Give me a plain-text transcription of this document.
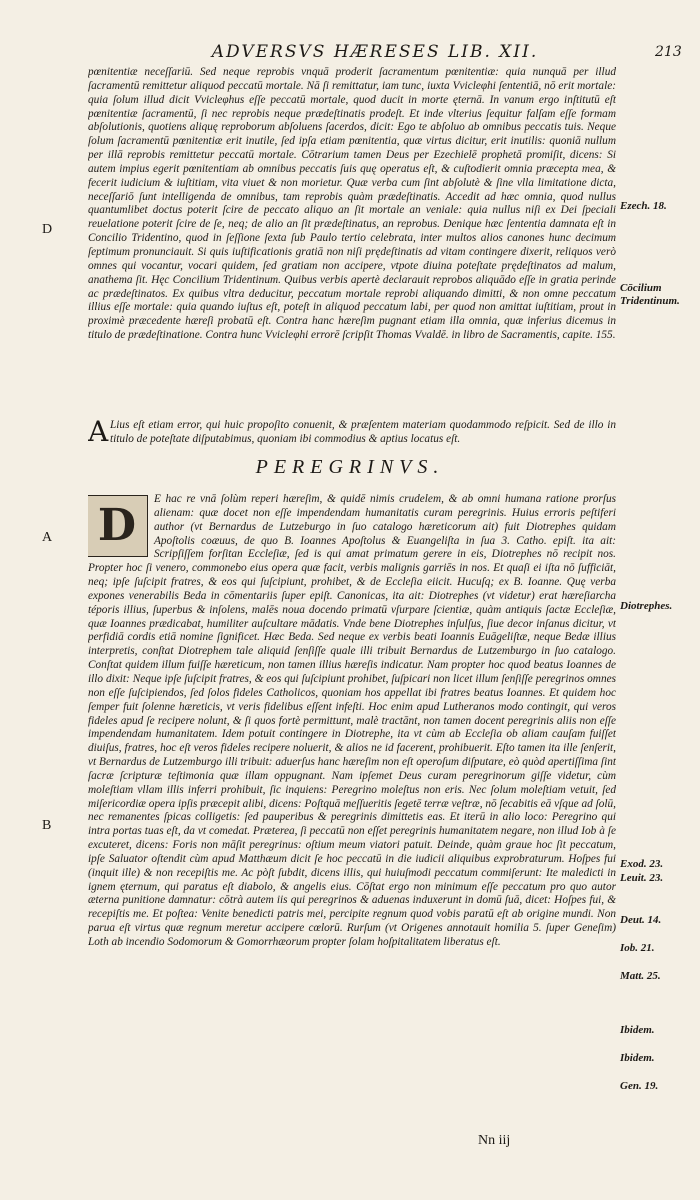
ADVERSVS HÆRESES LIB. XII.	213

pœnitentiæ neceſſariū. Sed neque reprobis vnquā proderit ſacramentum pœnitentiæ: quia nunquā per illud ſacramentū remittetur aliquod peccatū mortale. Nā ſi remittatur, iam tunc, iuxta Vvicleφhi ſententiā, nō erit mortale: quia ſolum illud dicit Vvicleφhus eſſe peccatū mortale, quod ducit in morte ęternā. In vanum ergo inſtitutū eſt pœnitentiæ ſacramentū, ſi nec reprobis neque prædeſtinatis prodeſt. Et inde vlterius ſequitur falſam eſſe formam abſolutionis, quotiens aliquę reproborum abſoluens ſacerdos, dicit: Ego te abſoluo ab omnibus peccatis tuis. Neque ſolum ſacramentū pœnitentiæ erit inutile, ſed ipſa etiam pœnitentia, quæ virtus dicitur, erit inutilis: quoniā nullum per illā reprobis remittetur peccatū mortale. Cōtrarium tamen Deus per Ezechielē prophetā promiſit, dicens: Si autem impius egerit pœnitentiam ab omnibus peccatis ſuis quę operatus eſt, & cuſtodierit omnia præcepta mea, & fecerit iudicium & iuſtitiam, vita viuet & non morietur. Quæ verba cum ſint abſolutè & ſine vlla limitatione dicta, neceſſariō ſunt intelligenda de omnibus, tam reprobis quàm prædeſtinatis. Accedit ad hæc omnia, quod nullus quantumlibet doctus poterit ſcire de peccato aliquo an ſit mortale an veniale: quia nullus niſi ex Dei ſpeciali reuelatione poterit ſcire de ſe, neq; de alio an ſit prædeſtinatus, an reprobus. Denique hæc ſententia damnata eſt in Concilio Tridentino, quod in ſeſſione ſexta ſub Paulo tertio celebrata, inter multos alios canones hunc decimum ſeptimum pronunciauit. Si quis iuſtificationis gratiā non niſi prędeſtinatis ad vitam contingere dixerit, reliquos verò omnes qui vocantur, vocari quidem, ſed gratiam non accipere, vtpote diuina poteſtate prędeſtinatos ad malum, anathema ſit. Hęc Concilium Tridentinum. Quibus verbis apertè declarauit reprobos aliquādo eſſe in gratia perinde ac prædeſtinatos. Ex quibus vltra deducitur, peccatum mortale reprobi aliquando dimitti, & non omne peccatum illius eſſe mortale: quia quando iuſtus eſt, poteſt in aliquod peccatum labi, per quod non amittat iuſtitiam, prout in proximè præcedente hæreſi probatū eſt. Contra hanc hæreſim pugnant etiam illa omnia, quæ inferius dicemus in titulo de prædeſtinatione. Contra hunc Vvicleφhi errorē ſcripſit Thomas Vvaldē. in libro de Sacramentis, capite. 155.

A Lius eſt etiam error, qui huic propoſito conuenit, & præſentem materiam quodammodo reſpicit. Sed de illo in titulo de poteſtate diſputabimus, quoniam ibi commodius & aptius locatus eſt.

PEREGRINVS.
D

E hac re vnā ſolùm reperi hæreſim, & quidē nimis crudelem, & ab omni humana ratione prorſus alienam: quæ docet non eſſe impendendam humanitatis curam peregrinis. Huius erroris peſtiferi author (vt Bernardus de Lutzeburgo in ſuo catalogo hæreticorum ait) fuit Diotrephes quidam Apoſtolis coæuus, de quo B. Ioannes Apoſtolus & Euangeliſta in ſua 3. Catho. epiſt. ita ait: Scripſiſſem forſitan Eccleſiæ, ſed is qui amat primatum gerere in eis, Diotrephes nō recipit nos. Propter hoc ſi venero, commonebo eius opera quæ facit, verbis malignis garriēs in nos. Et quaſi ei iſta nō ſufficiāt, neq; ipſe ſuſcipit fratres, & eos qui ſuſcipiunt, prohibet, & de Eccleſia eiicit. Hucuſq; ex B. Ioanne. Quę verba expones venerabilis Beda in cōmentariis ſuper epiſt. Canonicas, ita ait: Diotrephes (vt videtur) erat hæreſiarcha téporis illius, ſuperbus & inſolens, malēs noua docendo primatū vſurpare ſcientiæ, quàm antiquis ſactæ Eccleſiæ, quæ Ioannes prædicabat, humiliter auſcultare mādatis. Vnde bene Diotrephes inſulſus, ſiue decor inſanus dicitur, vt perfidiā cordis etiā nomine ſignificet. Hæc Beda. Sed neque ex verbis beati Ioannis Euāgeliſtæ, neque Bedæ illius interpretis, conſtat Diotrephem tale aliquid ſenſiſſe quale illi tribuit Bernardus de Lutzemburgo in ſuo catalogo. Conſtat quidem illum fuiſſe hæreticum, non tamen illius hæreſis indicatur. Nam propter hoc quod beatus Ioannes de illo dixit: Neque ipſe ſuſcipit fratres, & eos qui ſuſcipiunt prohibet, ſuſpicari non licet illum ſenſiſſe peregrinos omnes non eſſe ſuſcipiendos, ſed ſolos fideles Catholicos, quoniam hos appellat ibi fratres beatus Ioannes. Et quidem hoc ſemper fuit ſolenne hæreticis, vt veris fidelibus eſſent infeſti. Hoc enim apud Lutheranos modo contingit, qui veros fideles apud ſe recipere nolunt, & ſi quos fortè permittunt, malè tractānt, non tamen docent peregrinis aliis non eſſe impendendam humanitatem. Idem potuit contingere in Diotrephe, ita vt cùm ab Eccleſia ob aliam cauſam fuiſſet diuiſus, fratres, hoc eſt veros fideles recipere noluerit, & alios ne id facerent, prohibuerit. Eſto tamen ita ille ſenſerit, vt Bernardus de Lutzemburgo illi tribuit: aduerſus hanc hæreſim non eſt operoſum diſputare, eò quòd apertiſſima ſint ſacræ ſcripturæ teſtimonia quæ illam oppugnant. Nam ipſemet Deus curam peregrinorum giſſe videtur, cùm moleſtiam vllam illis inferri prohibuit, ſic inquiens: Peregrino moleſtus non eris. Nec ſolum moleſtiam vetuit, ſed miſericordiæ opera ipſis præcepit alibi, dicens: Poſtquā meſſueritis ſegetē terræ veſtræ, nō ſecabitis eā vſque ad ſolū, nec remanentes ſpicas colligetis: ſed pauperibus & peregrinis dimittetis eas. Et iterū in alio loco: Peregrino qui intra portas tuas eſt, da vt comedat. Præterea, ſi peccatū non eſſet peregrinis humanitatem negare, non illud Iob à ſe excuteret, dicens: Foris non māſit peregrinus: oſtium meum viatori patuit. Deinde, quàm graue hoc ſit peccatum, ipſe Saluator oſtendit cùm apud Matthæum dicit ſe hoc peccatū in die iudicii aliquibus exprobraturum. Hoſpes fui (inquit ille) & non recepiſtis me. Ac pòſt ſubdit, dicens illis, qui huiuſmodi peccatum commiſerunt: Ite maledicti in ignem ęternum, qui paratus eſt diabolo, & angelis eius. Cōſtat ergo non minimum eſſe peccatum pro quo autor æterna punitione damnatur: cōtrà autem iis qui peregrinos & aduenas induxerunt in domū ſuā, dicet: Hoſpes fui, & recepiſtis me. Et poſtea: Venite benedicti patris mei, percipite regnum quod vobis paratū eſt ab origine mundi. Non parua eſt virtus quæ regnum meretur accipere cœlorū. Rurſum (vt Origenes annotauit homilia 5. ſuper Geneſim) Loth ab incendio Sodomorum & Gomorrhæorum propter ſolam hoſpitalitatem liberatus eſt.

D
A
B
Ezech. 18.
Cōcilium Tridentinum.
Diotrephes.
Exod. 23.
Leuit. 23.
Deut. 14.
Iob. 21.
Matt. 25.
Ibidem.
Ibidem.
Gen. 19.
Nn iij
